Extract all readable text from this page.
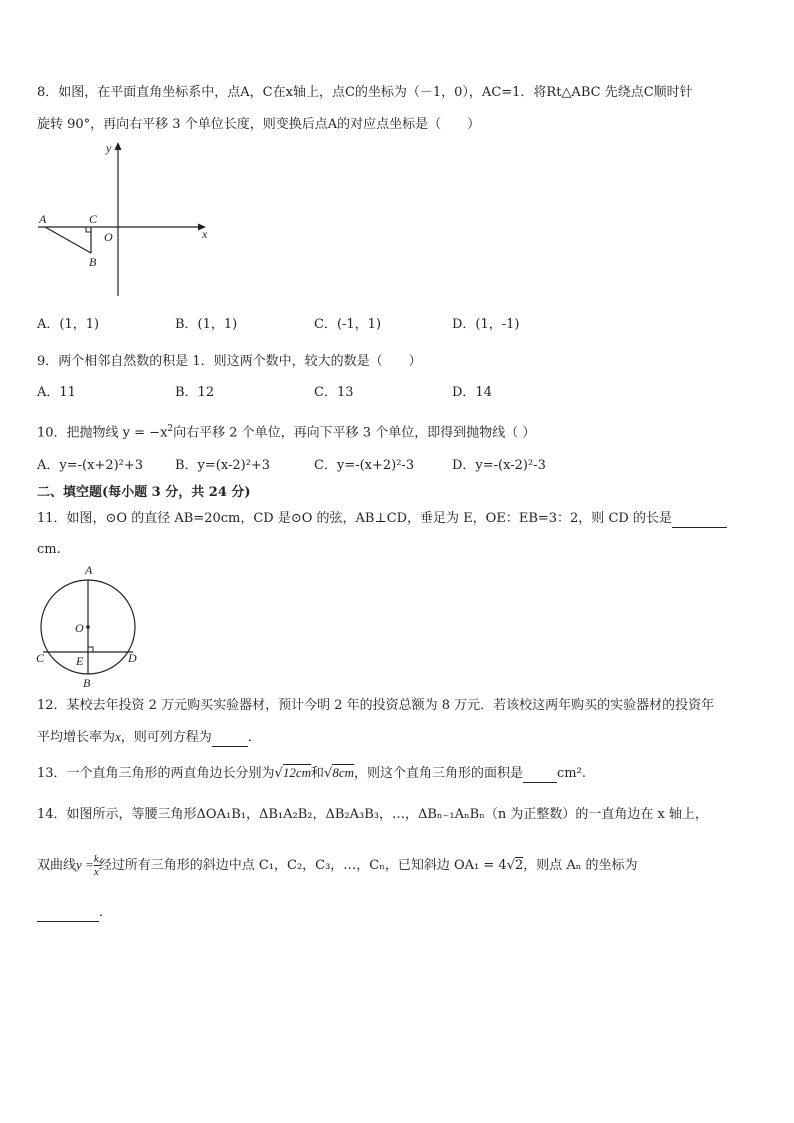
8．如图，在平面直角坐标系中，点A，C在x轴上，点C的坐标为（－1，0），AC=1．将Rt△ABC 先绕点C顺时针
旋转 90°，再向右平移 3 个单位长度，则变换后点A的对应点坐标是（　　）
y
x
A	C
O
B
A．(1，1)	B．(1，1)	C．(-1，1)	D．(1，-1)
9．两个相邻自然数的积是 1．则这两个数中，较大的数是（　　）
A．11	B．12	C．13	D．14
10．把抛物线 $y = -x^2$向右平移 2 个单位，再向下平移 3 个单位，即得到抛物线（ ）
A．y=-(x+2)²+3 B．y=(x-2)²+3	C．y=-(x+2)²-3	D．y=-(x-2)²-3
二、填空题(每小题 3 分，共 24 分)
11．如图，⊙O 的直径 AB=20cm，CD 是⊙O 的弦，AB⊥CD，垂足为 E，OE：EB=3：2，则 CD 的长是
cm.
A
O
C	E	D
B
12．某校去年投资 2 万元购买实验器材，预计今明 2 年的投资总额为 8 万元．若该校这两年购买的实验器材的投资年
平均增长率为x，则可列方程为	．
13．一个直角三角形的两直角边长分别为√12cm和√8cm，则这个直角三角形的面积是	cm².
14．如图所示，等腰三角形ΔOA₁B₁，ΔB₁A₂B₂，ΔB₂A₃B₃，…，ΔBₙ₋₁AₙBₙ（n 为正整数）的一直角边在 x 轴上，
双曲线$y = \frac{k}{x}$ 经过所有三角形的斜边中点 C₁，C₂，C₃，…，Cₙ，已知斜边 OA₁ = 4√2，则点 Aₙ 的坐标为
．
